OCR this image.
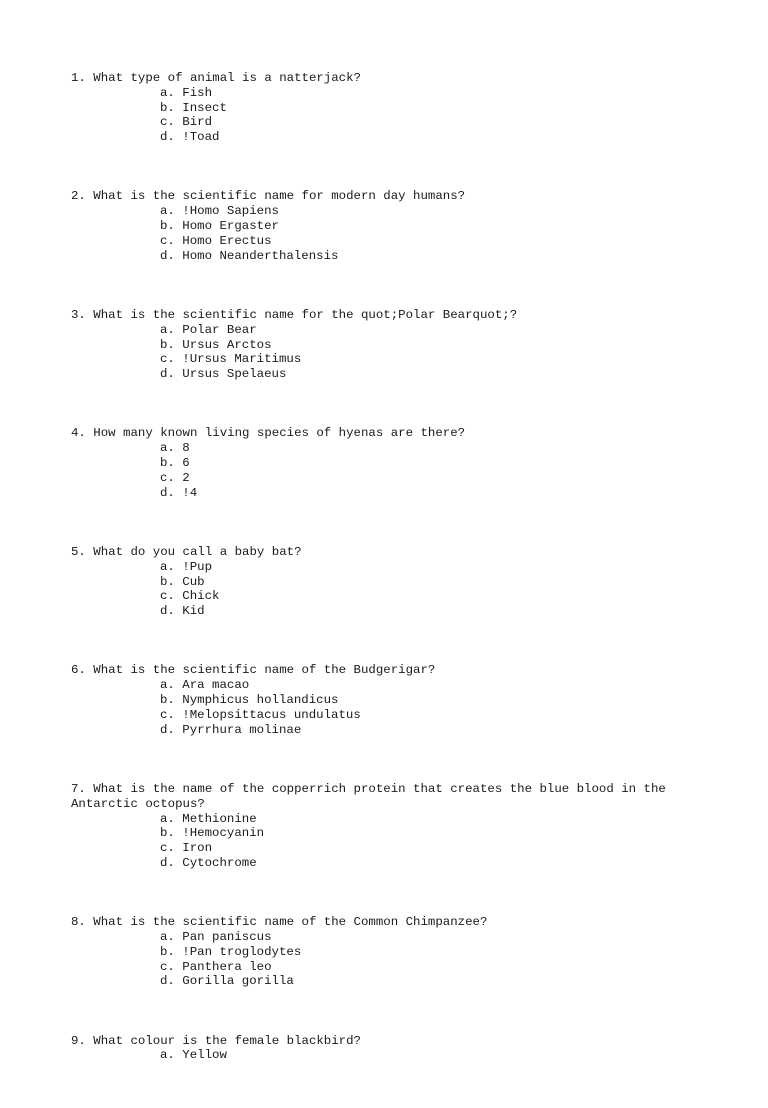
1. What type of animal is a natterjack?

a. Fish
b. Insect
c. Bird
d. !Toad

2. What is the scientific name for modern day humans?

a. !Homo Sapiens
b. Homo Ergaster
c. Homo Erectus
d. Homo Neanderthalensis

3. What is the scientific name for the quot;Polar Bearquot;?

a. Polar Bear
b. Ursus Arctos
c. !Ursus Maritimus
d. Ursus Spelaeus

4. How many known living species of hyenas are there?

a. 8
b. 6
c. 2
d. !4

5. What do you call a baby bat?

a. !Pup
b. Cub
c. Chick
d. Kid

6. What is the scientific name of the Budgerigar?

a. Ara macao
b. Nymphicus hollandicus
c. !Melopsittacus undulatus
d. Pyrrhura molinae

7. What is the name of the copperrich protein that creates the blue blood in the Antarctic octopus?

a. Methionine
b. !Hemocyanin
c. Iron
d. Cytochrome

8. What is the scientific name of the Common Chimpanzee?

a. Pan paniscus
b. !Pan troglodytes
c. Panthera leo
d. Gorilla gorilla

9. What colour is the female blackbird?

a. Yellow
